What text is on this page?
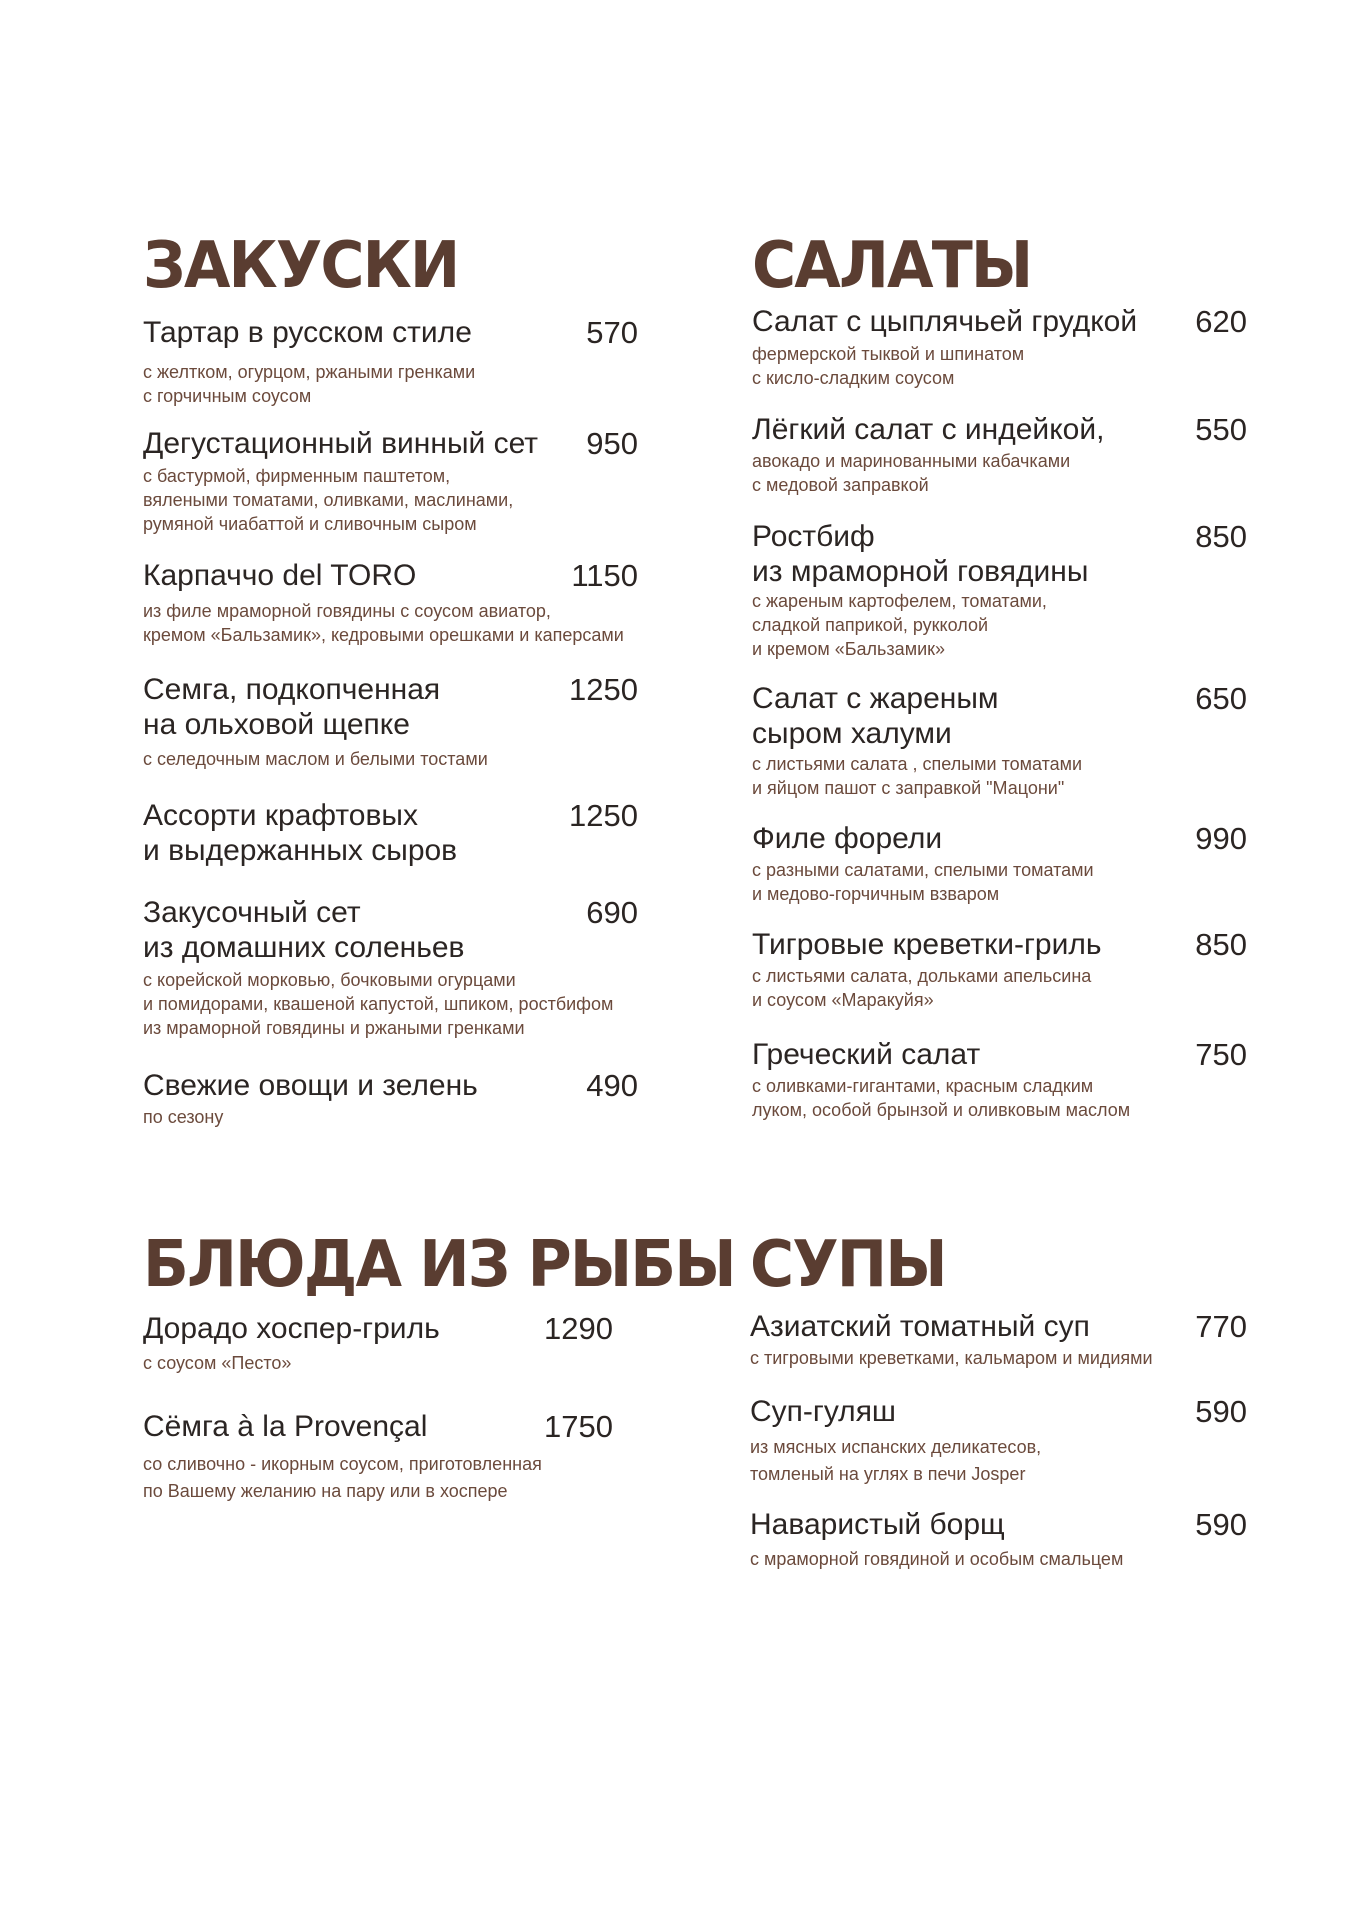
ЗАКУСКИ
Тартар в русском стиле	570
с желтком, огурцом, ржаными гренками
с горчичным соусом
Дегустационный винный сет	950
с бастурмой, фирменным паштетом,
вялеными томатами, оливками, маслинами,
румяной чиабаттой и сливочным сыром
Карпаччо del TORO	1150
из филе мраморной говядины с соусом авиатор,
кремом «Бальзамик», кедровыми орешками и каперсами
Семга, подкопченная
на ольховой щепке
1250
с селедочным маслом и белыми тостами
Ассорти крафтовых
и выдержанных сыров
1250
Закусочный сет
из домашних соленьев
690
с корейской морковью, бочковыми огурцами
и помидорами, квашеной капустой, шпиком, ростбифом
из мраморной говядины и ржаными гренками
Свежие овощи и зелень	490
по сезону
САЛАТЫ
Салат с цыплячьей грудкой	620
фермерской тыквой и шпинатом
с кисло-сладким соусом
Лёгкий салат с индейкой,	550
авокадо и маринованными кабачками
с медовой заправкой
Ростбиф
из мраморной говядины
850
с жареным картофелем, томатами,
сладкой паприкой, рукколой
и кремом «Бальзамик»
Салат с жареным
сыром халуми
650
с листьями салата , спелыми томатами
и яйцом пашот с заправкой "Мацони"
Филе форели	990
с разными салатами, спелыми томатами
и медово-горчичным взваром
Тигровые креветки-гриль	850
с листьями салата, дольками апельсина
и соусом «Маракуйя»
Греческий салат	750
с оливками-гигантами, красным сладким
луком, особой брынзой и оливковым маслом
БЛЮДА ИЗ РЫБЫ
Дорадо хоспер-гриль	1290
с соусом «Песто»
Сёмга à la Provençal	1750
со сливочно - икорным соусом, приготовленная
по Вашему желанию на пару или в хоспере
СУПЫ
Азиатский томатный суп	770
с тигровыми креветками, кальмаром и мидиями
Суп-гуляш	590
из мясных испанских деликатесов,
томленый на углях в печи Josper
Наваристый борщ	590
с мраморной говядиной и особым смальцем
